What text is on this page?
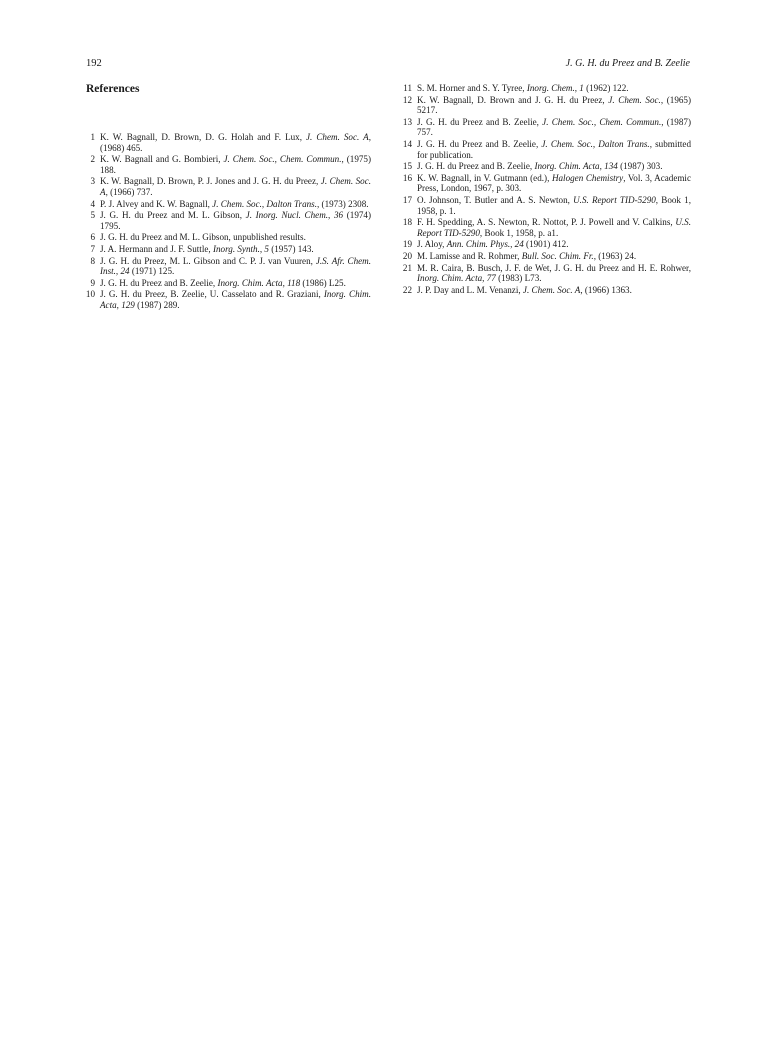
192	J. G. H. du Preez and B. Zeelie
References
1 K. W. Bagnall, D. Brown, D. G. Holah and F. Lux, J. Chem. Soc. A, (1968) 465.
2 K. W. Bagnall and G. Bombieri, J. Chem. Soc., Chem. Commun., (1975) 188.
3 K. W. Bagnall, D. Brown, P. J. Jones and J. G. H. du Preez, J. Chem. Soc. A, (1966) 737.
4 P. J. Alvey and K. W. Bagnall, J. Chem. Soc., Dalton Trans., (1973) 2308.
5 J. G. H. du Preez and M. L. Gibson, J. Inorg. Nucl. Chem., 36 (1974) 1795.
6 J. G. H. du Preez and M. L. Gibson, unpublished results.
7 J. A. Hermann and J. F. Suttle, Inorg. Synth., 5 (1957) 143.
8 J. G. H. du Preez, M. L. Gibson and C. P. J. van Vuuren, J.S. Afr. Chem. Inst., 24 (1971) 125.
9 J. G. H. du Preez and B. Zeelie, Inorg. Chim. Acta, 118 (1986) L25.
10 J. G. H. du Preez, B. Zeelie, U. Casselato and R. Graziani, Inorg. Chim. Acta, 129 (1987) 289.
11 S. M. Horner and S. Y. Tyree, Inorg. Chem., 1 (1962) 122.
12 K. W. Bagnall, D. Brown and J. G. H. du Preez, J. Chem. Soc., (1965) 5217.
13 J. G. H. du Preez and B. Zeelie, J. Chem. Soc., Chem. Commun., (1987) 757.
14 J. G. H. du Preez and B. Zeelie, J. Chem. Soc., Dalton Trans., submitted for publication.
15 J. G. H. du Preez and B. Zeelie, Inorg. Chim. Acta, 134 (1987) 303.
16 K. W. Bagnall, in V. Gutmann (ed.), Halogen Chemistry, Vol. 3, Academic Press, London, 1967, p. 303.
17 O. Johnson, T. Butler and A. S. Newton, U.S. Report TID-5290, Book 1, 1958, p. 1.
18 F. H. Spedding, A. S. Newton, R. Nottot, P. J. Powell and V. Calkins, U.S. Report TID-5290, Book 1, 1958, p. a1.
19 J. Aloy, Ann. Chim. Phys., 24 (1901) 412.
20 M. Lamisse and R. Rohmer, Bull. Soc. Chim. Fr., (1963) 24.
21 M. R. Caira, B. Busch, J. F. de Wet, J. G. H. du Preez and H. E. Rohwer, Inorg. Chim. Acta, 77 (1983) L73.
22 J. P. Day and L. M. Venanzi, J. Chem. Soc. A, (1966) 1363.
